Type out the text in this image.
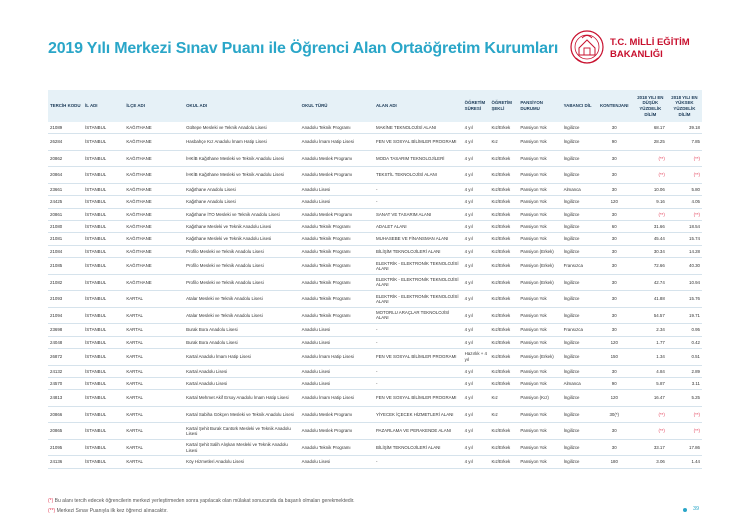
2019 Yılı Merkezi Sınav Puanı ile Öğrenci Alan Ortaöğretim Kurumları	T.C. MİLLİ EĞİTİM
BAKANLIĞI
TERCİH KODU	İL ADI	İLÇE ADI	OKUL ADI	OKUL TÜRÜ	ALAN ADI	ÖĞRETİM SÜRESİ	ÖĞRETİM ŞEKLİ	PANSİYON DURUMU	YABANCI DİL	KONTENJANI	2018 YILI EN DÜŞÜK YÜZDELİK DİLİM	2018 YILI EN YÜKSEK YÜZDELİK DİLİM
21089	İSTANBUL	KAĞITHANE	Gültepe Mesleki ve Teknik Anadolu Lisesi	Anadolu Teknik Programı	MAKİNE TEKNOLOJİSİ ALANI	4 yıl	Kız/Erkek	Pansiyon Yok	İngilizce	30	68.17	39.18
26284	İSTANBUL	KAĞITHANE	Hasbahçe Kız Anadolu İmam Hatip Lisesi	Anadolu İmam Hatip Lisesi	FEN VE SOSYAL BİLİMLER PROGRAMI	4 yıl	Kız	Pansiyon Yok	İngilizce	90	28.25	7.85
20862	İSTANBUL	KAĞITHANE	İHKİB Kağıthane Mesleki ve Teknik Anadolu Lisesi	Anadolu Meslek Programı	MODA TASARIM TEKNOLOJİLERİ	4 yıl	Kız/Erkek	Pansiyon Yok	İngilizce	30	(**)	(**)
20864	İSTANBUL	KAĞITHANE	İHKİB Kağıthane Mesleki ve Teknik Anadolu Lisesi	Anadolu Meslek Programı	TEKSTİL TEKNOLOJİSİ ALANI	4 yıl	Kız/Erkek	Pansiyon Yok	İngilizce	30	(**)	(**)
23661	İSTANBUL	KAĞITHANE	Kağıthane Anadolu Lisesi	Anadolu Lisesi	-	4 yıl	Kız/Erkek	Pansiyon Yok	Almanca	30	10.06	5.80
24425	İSTANBUL	KAĞITHANE	Kağıthane Anadolu Lisesi	Anadolu Lisesi	-	4 yıl	Kız/Erkek	Pansiyon Yok	İngilizce	120	9.16	4.05
20861	İSTANBUL	KAĞITHANE	Kağıthane İTO Mesleki ve Teknik Anadolu Lisesi	Anadolu Meslek Programı	SANAT VE TASARIM ALANI	4 yıl	Kız/Erkek	Pansiyon Yok	İngilizce	30	(**)	(**)
21080	İSTANBUL	KAĞITHANE	Kağıthane Mesleki ve Teknik Anadolu Lisesi	Anadolu Teknik Programı	ADALET ALANI	4 yıl	Kız/Erkek	Pansiyon Yok	İngilizce	60	31.66	18.54
21081	İSTANBUL	KAĞITHANE	Kağıthane Mesleki ve Teknik Anadolu Lisesi	Anadolu Teknik Programı	MUHASEBE VE FİNANSMAN ALANI	4 yıl	Kız/Erkek	Pansiyon Yok	İngilizce	30	45.44	15.74
21084	İSTANBUL	KAĞITHANE	Profilo Mesleki ve Teknik Anadolu Lisesi	Anadolu Teknik Programı	BİLİŞİM TEKNOLOJİLERİ ALANI	4 yıl	Kız/Erkek	Pansiyon (Erkek)	İngilizce	30	30.34	14.28
21085	İSTANBUL	KAĞITHANE	Profilo Mesleki ve Teknik Anadolu Lisesi	Anadolu Teknik Programı	ELEKTRİK - ELEKTRONİK TEKNOLOJİSİ ALANI	4 yıl	Kız/Erkek	Pansiyon (Erkek)	Fransızca	30	72.66	40.30
21082	İSTANBUL	KAĞITHANE	Profilo Mesleki ve Teknik Anadolu Lisesi	Anadolu Teknik Programı	ELEKTRİK - ELEKTRONİK TEKNOLOJİSİ ALANI	4 yıl	Kız/Erkek	Pansiyon (Erkek)	İngilizce	30	42.74	10.94
21093	İSTANBUL	KARTAL	Atalar Mesleki ve Teknik Anadolu Lisesi	Anadolu Teknik Programı	ELEKTRİK - ELEKTRONİK TEKNOLOJİSİ ALANI	4 yıl	Kız/Erkek	Pansiyon Yok	İngilizce	30	41.88	15.76
21094	İSTANBUL	KARTAL	Atalar Mesleki ve Teknik Anadolu Lisesi	Anadolu Teknik Programı	MOTORLU ARAÇLAR TEKNOLOJİSİ ALANI	4 yıl	Kız/Erkek	Pansiyon Yok	İngilizce	30	54.57	19.71
23698	İSTANBUL	KARTAL	Burak Bora Anadolu Lisesi	Anadolu Lisesi	-	4 yıl	Kız/Erkek	Pansiyon Yok	Fransızca	30	2.34	0.95
24048	İSTANBUL	KARTAL	Burak Bora Anadolu Lisesi	Anadolu Lisesi	-	4 yıl	Kız/Erkek	Pansiyon Yok	İngilizce	120	1.77	0.42
26872	İSTANBUL	KARTAL	Kartal Anadolu İmam Hatip Lisesi	Anadolu İmam Hatip Lisesi	FEN VE SOSYAL BİLİMLER PROGRAMI	Hazırlık + 4 yıl	Kız/Erkek	Pansiyon (Erkek)	İngilizce	150	1.34	0.51
24132	İSTANBUL	KARTAL	Kartal Anadolu Lisesi	Anadolu Lisesi	-	4 yıl	Kız/Erkek	Pansiyon Yok	İngilizce	30	4.84	2.89
24570	İSTANBUL	KARTAL	Kartal Anadolu Lisesi	Anadolu Lisesi	-	4 yıl	Kız/Erkek	Pansiyon Yok	Almanca	90	5.87	3.11
24813	İSTANBUL	KARTAL	Kartal Mehmet Akif Ersoy Anadolu İmam Hatip Lisesi	Anadolu İmam Hatip Lisesi	FEN VE SOSYAL BİLİMLER PROGRAMI	4 yıl	Kız	Pansiyon (Kız)	İngilizce	120	16.47	5.25
20866	İSTANBUL	KARTAL	Kartal Sabiha Gökçen Mesleki ve Teknik Anadolu Lisesi	Anadolu Meslek Programı	YİYECEK İÇECEK HİZMETLERİ ALANI	4 yıl	Kız	Pansiyon Yok	İngilizce	30(*)	(**)	(**)
20865	İSTANBUL	KARTAL	Kartal Şehit Burak Cantürk Mesleki ve Teknik Anadolu Lisesi	Anadolu Meslek Programı	PAZARLAMA VE PERAKENDE ALANI	4 yıl	Kız/Erkek	Pansiyon Yok	İngilizce	30	(**)	(**)
21095	İSTANBUL	KARTAL	Kartal Şehit Salih Alışkan Mesleki ve Teknik Anadolu Lisesi	Anadolu Teknik Programı	BİLİŞİM TEKNOLOJİLERİ ALANI	4 yıl	Kız/Erkek	Pansiyon Yok	İngilizce	30	33.17	17.86
24136	İSTANBUL	KARTAL	Köy Hizmetleri Anadolu Lisesi	Anadolu Lisesi	-	4 yıl	Kız/Erkek	Pansiyon Yok	İngilizce	180	3.06	1.44
(*) Bu alanı tercih edecek öğrencilerin merkezi yerleştirmeden sonra yapılacak olan mülakat sonucunda da başarılı olmaları gerekmektedir.
(**) Merkezi Sınav Puanıyla ilk kez öğrenci alınacaktır.	39
